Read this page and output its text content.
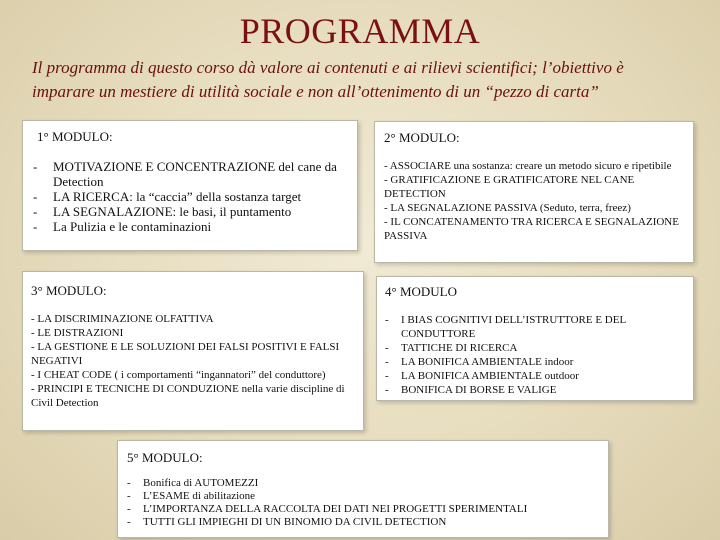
PROGRAMMA
Il programma di questo corso dà valore ai contenuti e ai rilievi scientifici; l’obiettivo è
imparare un mestiere di utilità sociale e non all’ottenimento di un “pezzo di carta”
1° MODULO:
- MOTIVAZIONE E CONCENTRAZIONE del cane da Detection
- LA RICERCA: la “caccia” della sostanza target
- LA SEGNALAZIONE: le basi, il puntamento
- La Pulizia e le contaminazioni
2° MODULO:
- ASSOCIARE una sostanza: creare un metodo sicuro e ripetibile
- GRATIFICAZIONE E GRATIFICATORE NEL CANE DETECTION
- LA SEGNALAZIONE PASSIVA (Seduto, terra, freez)
- IL CONCATENAMENTO TRA RICERCA E SEGNALAZIONE PASSIVA
3° MODULO:
- LA DISCRIMINAZIONE OLFATTIVA
- LE DISTRAZIONI
- LA GESTIONE E LE SOLUZIONI DEI FALSI POSITIVI E FALSI NEGATIVI
- I CHEAT CODE ( i comportamenti “ingannatori” del conduttore)
- PRINCIPI E TECNICHE DI CONDUZIONE nella varie discipline di Civil Detection
4° MODULO
- I BIAS COGNITIVI DELL’ISTRUTTORE E DEL CONDUTTORE
- TATTICHE DI RICERCA
- LA BONIFICA AMBIENTALE indoor
- LA BONIFICA AMBIENTALE outdoor
- BONIFICA DI BORSE E VALIGE
5° MODULO:
- Bonifica di AUTOMEZZI
- L’ESAME di abilitazione
- L’IMPORTANZA DELLA RACCOLTA DEI DATI NEI PROGETTI SPERIMENTALI
- TUTTI GLI IMPIEGHI DI UN BINOMIO DA CIVIL DETECTION
